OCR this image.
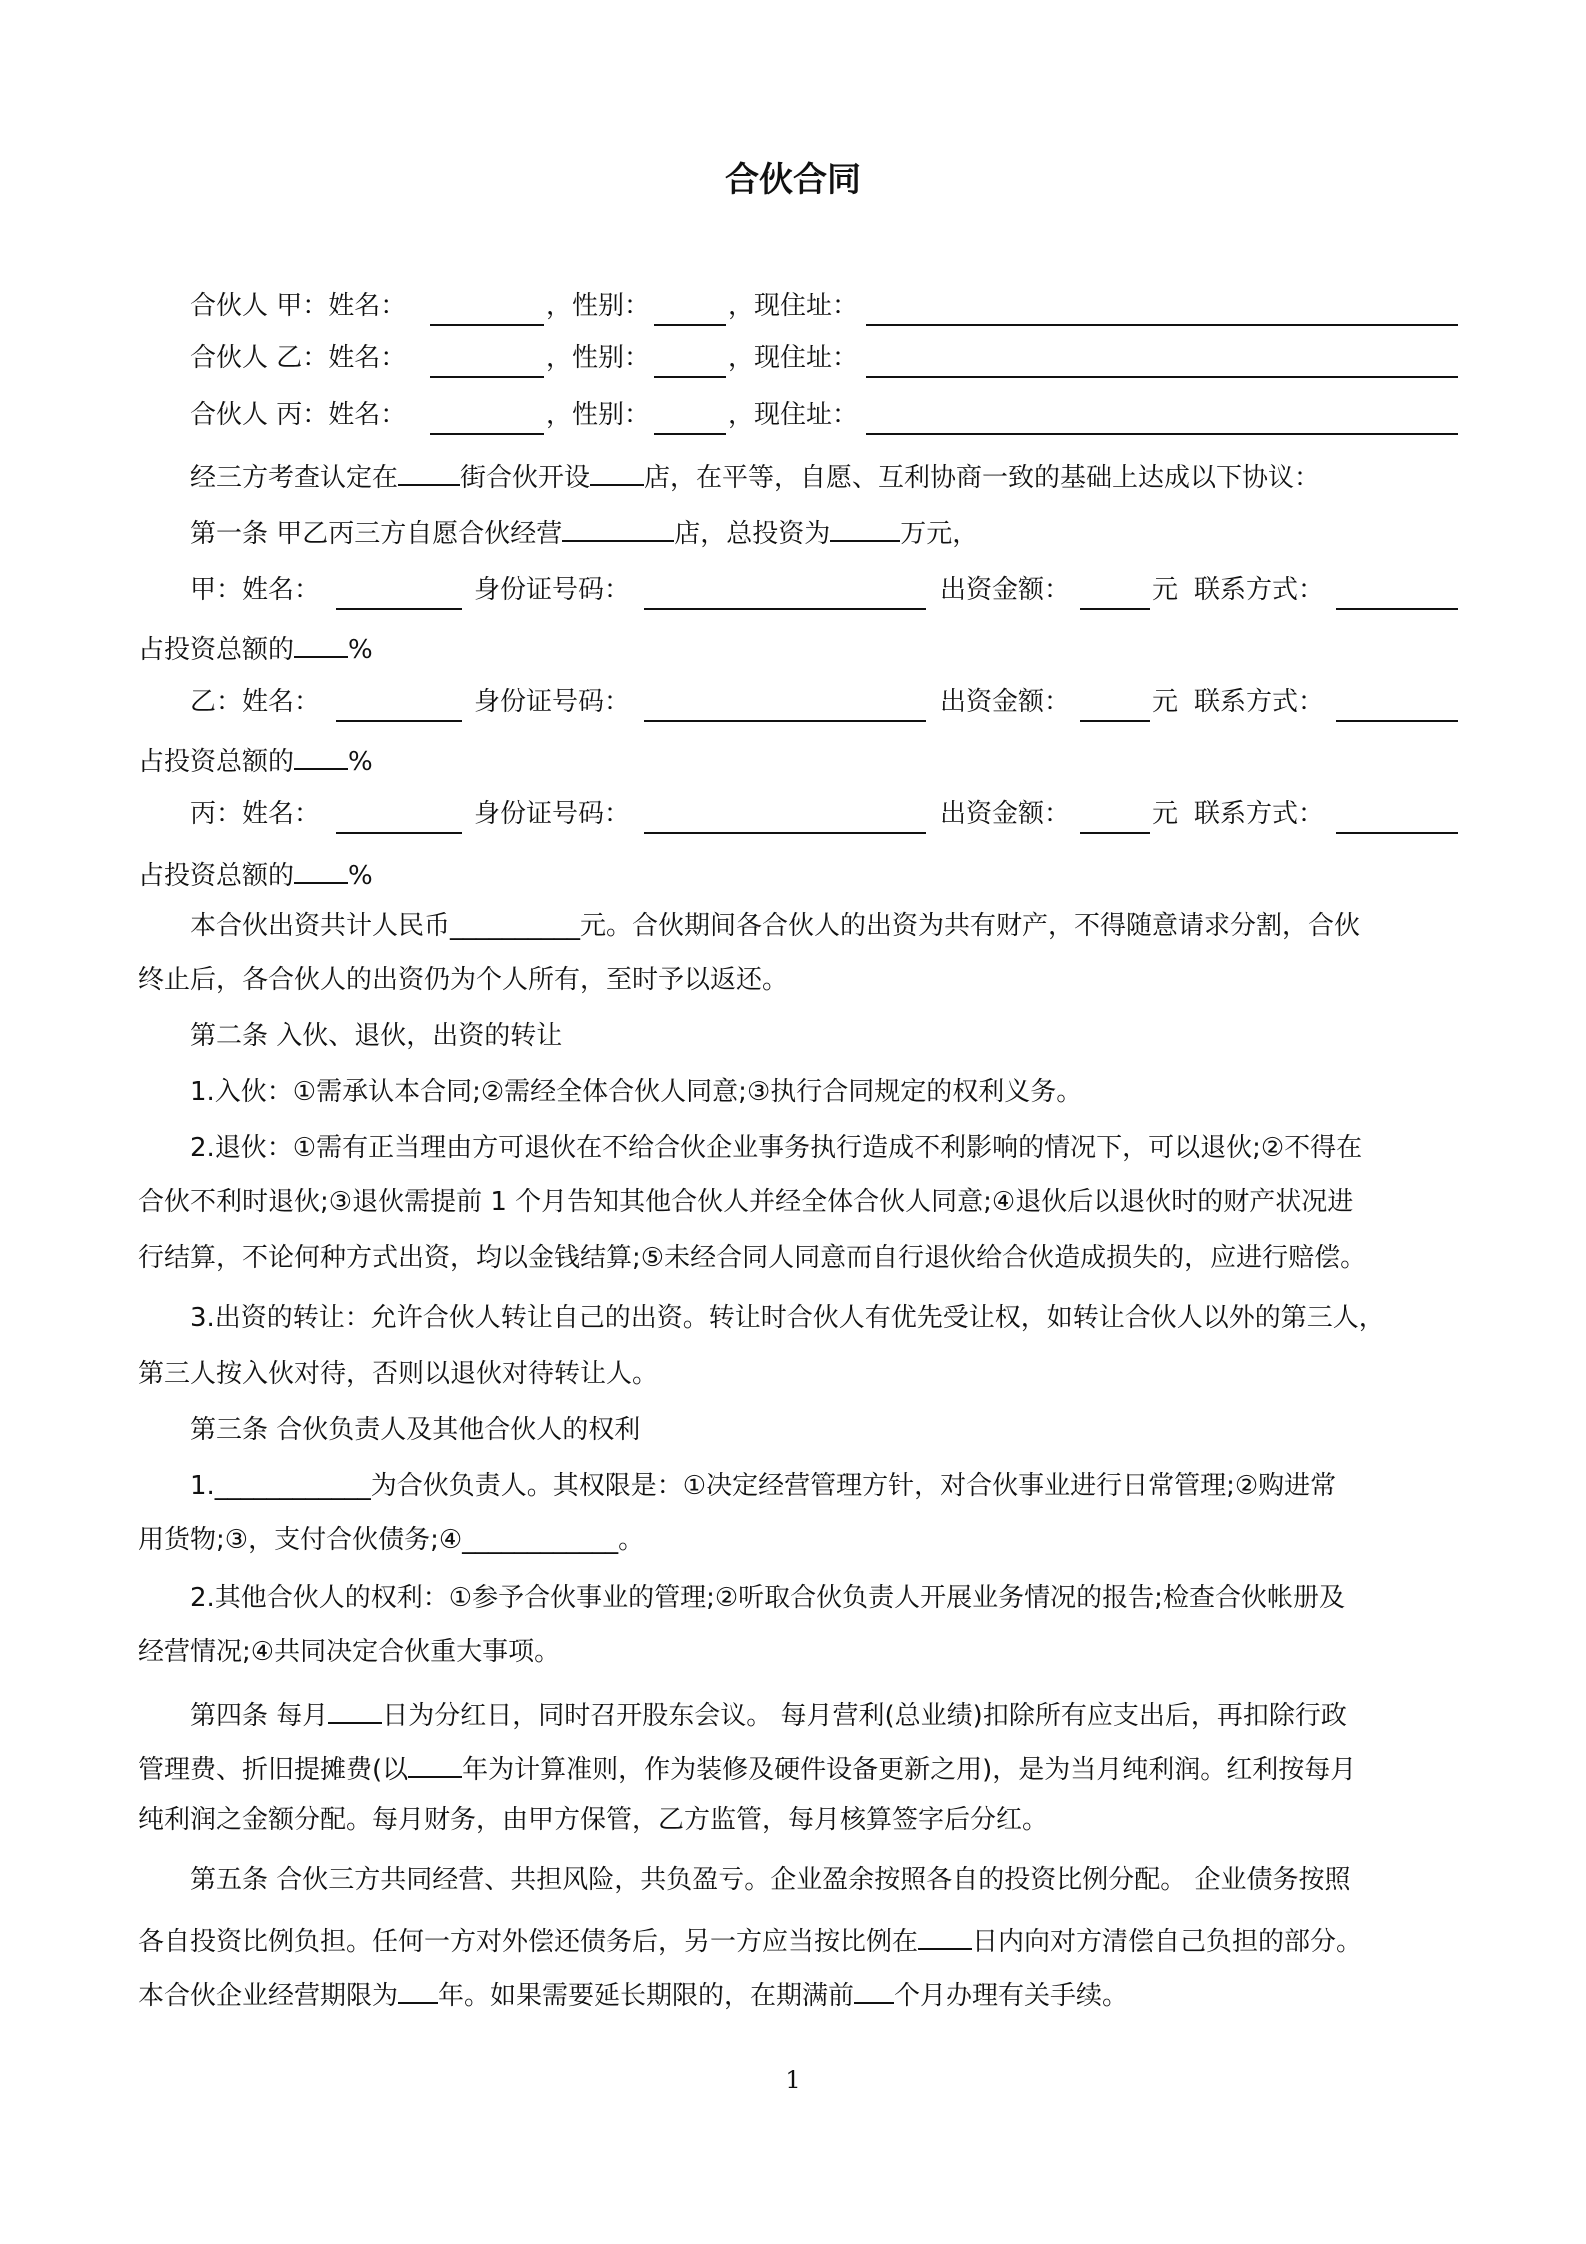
合伙合同
合伙人 甲：姓名：	，性别：	，现住址：
合伙人 乙：姓名：	，性别：	，现住址：
合伙人 丙：姓名：	，性别：	，现住址：
经三方考查认定在 街合伙开设 店，在平等，自愿、互利协商一致的基础上达成以下协议：
第一条 甲乙丙三方自愿合伙经营	店，总投资为	万元，
甲：姓名：	身份证号码：	出资金额：	元 联系方式：
占投资总额的 %
乙：姓名：	身份证号码：	出资金额：	元 联系方式：
占投资总额的 %
丙：姓名：	身份证号码：	出资金额：	元 联系方式：
占投资总额的 %
本合伙出资共计人民币__________元。合伙期间各合伙人的出资为共有财产，不得随意请求分割，合伙
终止后，各合伙人的出资仍为个人所有，至时予以返还。
第二条 入伙、退伙，出资的转让
1.入伙：①需承认本合同;②需经全体合伙人同意;③执行合同规定的权利义务。
2.退伙：①需有正当理由方可退伙在不给合伙企业事务执行造成不利影响的情况下，可以退伙;②不得在
合伙不利时退伙;③退伙需提前 1 个月告知其他合伙人并经全体合伙人同意;④退伙后以退伙时的财产状况进
行结算，不论何种方式出资，均以金钱结算;⑤未经合同人同意而自行退伙给合伙造成损失的，应进行赔偿。
3.出资的转让：允许合伙人转让自己的出资。转让时合伙人有优先受让权，如转让合伙人以外的第三人，
第三人按入伙对待，否则以退伙对待转让人。
第三条 合伙负责人及其他合伙人的权利
1.____________为合伙负责人。其权限是：①决定经营管理方针，对合伙事业进行日常管理;②购进常
用货物;③，支付合伙债务;④____________。
2.其他合伙人的权利：①参予合伙事业的管理;②听取合伙负责人开展业务情况的报告;检查合伙帐册及
经营情况;④共同决定合伙重大事项。
第四条 每月 日为分红日，同时召开股东会议。 每月营利(总业绩)扣除所有应支出后，再扣除行政
管理费、折旧提摊费(以 年为计算准则，作为装修及硬件设备更新之用)，是为当月纯利润。红利按每月
纯利润之金额分配。每月财务，由甲方保管，乙方监管，每月核算签字后分红。
第五条 合伙三方共同经营、共担风险，共负盈亏。企业盈余按照各自的投资比例分配。 企业债务按照
各自投资比例负担。任何一方对外偿还债务后，另一方应当按比例在 日内向对方清偿自己负担的部分。
本合伙企业经营期限为 年。如果需要延长期限的，在期满前 个月办理有关手续。
1
